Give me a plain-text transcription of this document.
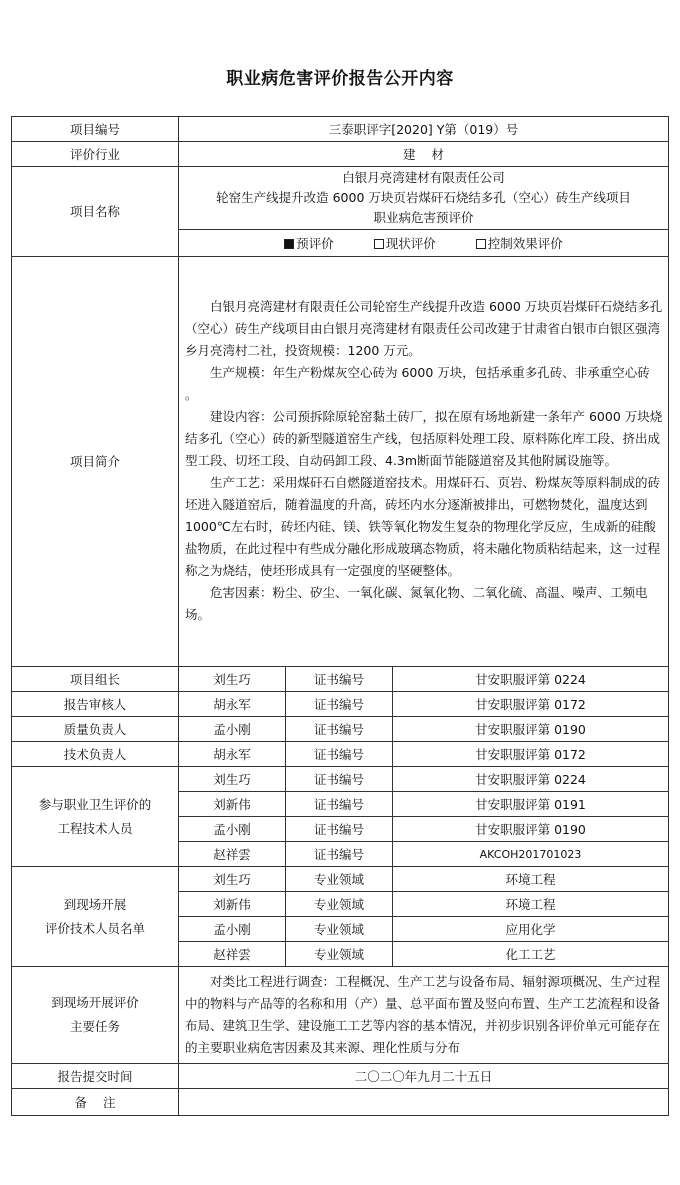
职业病危害评价报告公开内容
项目编号	三泰职评字[2020] Y第（019）号		
评价行业	建    材		
项目名称	白银月亮湾建材有限责任公司
轮窑生产线提升改造 6000 万块页岩煤矸石烧结多孔（空心）砖生产线项目
职业病危害预评价		

	预评价 现状评价 控制效果评价		

项目简介	白银月亮湾建材有限责任公司轮窑生产线提升改造 6000 万块页岩煤矸石烧结多孔（空心）砖生产线项目由白银月亮湾建材有限责任公司改建于甘肃省白银市白银区强湾乡月亮湾村二社，投资规模：1200 万元。

生产规模：年生产粉煤灰空心砖为 6000 万块，包括承重多孔砖、非承重空心砖 。

建设内容：公司预拆除原轮窑黏土砖厂，拟在原有场地新建一条年产 6000 万块烧结多孔（空心）砖的新型隧道窑生产线，包括原料处理工段、原料陈化库工段、挤出成型工段、切坯工段、自动码卸工段、4.3m断面节能隧道窑及其他附属设施等。

生产工艺：采用煤矸石自燃隧道窑技术。用煤矸石、页岩、粉煤灰等原料制成的砖坯进入隧道窑后，随着温度的升高，砖坯内水分逐渐被排出，可燃物焚化，温度达到 1000℃左右时，砖坯内硅、镁、铁等氧化物发生复杂的物理化学反应，生成新的硅酸盐物质，在此过程中有些成分融化形成玻璃态物质，将未融化物质粘结起来，这一过程称之为烧结，使坯形成具有一定强度的坚硬整体。

危害因素：粉尘、矽尘、一氧化碳、氮氧化物、二氧化硫、高温、噪声、工频电场。		

项目组长	刘生巧	证书编号	甘安职服评第 0224
报告审核人	胡永军	证书编号	甘安职服评第 0172
质量负责人	孟小刚	证书编号	甘安职服评第 0190
技术负责人	胡永军	证书编号	甘安职服评第 0172

参与职业卫生评价的
工程技术人员	刘生巧	证书编号	甘安职服评第 0224
	刘新伟	证书编号	甘安职服评第 0191
	孟小刚	证书编号	甘安职服评第 0190
	赵祥雲	证书编号	AKCOH201701023

到现场开展
评价技术人员名单	刘生巧	专业领域	环境工程
	刘新伟	专业领域	环境工程
	孟小刚	专业领域	应用化学
	赵祥雲	专业领域	化工工艺

到现场开展评价
主要任务	对类比工程进行调查：工程概况、生产工艺与设备布局、辐射源项概况、生产过程中的物料与产品等的名称和用（产）量、总平面布置及竖向布置、生产工艺流程和设备布局、建筑卫生学、建设施工工艺等内容的基本情况，并初步识别各评价单元可能存在的主要职业病危害因素及其来源、理化性质与分布		
报告提交时间	二〇二〇年九月二十五日		
备    注			
